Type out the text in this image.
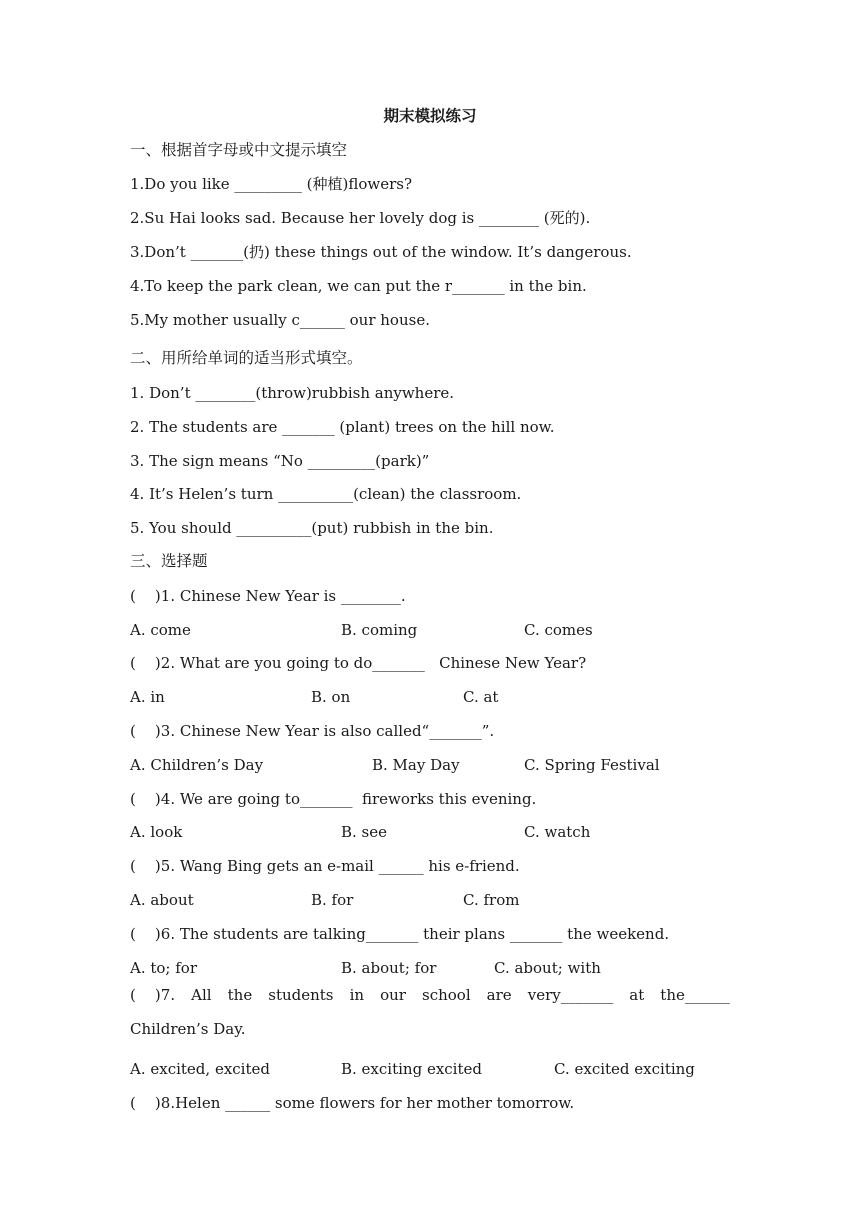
期末模拟练习
一、根据首字母或中文提示填空
1.Do you like _________ (种植)flowers?
2.Su Hai looks sad. Because her lovely dog is ________ (死的).
3.Don’t _______(扔) these things out of the window. It’s dangerous.
4.To keep the park clean, we can put the r_______ in the bin.
5.My mother usually c______ our house.
二、用所给单词的适当形式填空。
1. Don’t ________(throw)rubbish anywhere.
2. The students are _______ (plant) trees on the hill now.
3. The sign means “No _________(park)”
4. It’s Helen’s turn __________(clean) the classroom.
5. You should __________(put) rubbish in the bin.
三、选择题
(    )1. Chinese New Year is ________.
A. come	B. coming	C. comes
(    )2. What are you going to do_______   Chinese New Year?
A. in	B. on	C. at
(    )3. Chinese New Year is also called“_______”.
A. Children’s Day	B. May Day	C. Spring Festival
(    )4. We are going to_______  fireworks this evening.
A. look	B. see	C. watch
(    )5. Wang Bing gets an e-mail ______ his e-friend.
A. about	B. for	C. from
(    )6. The students are talking_______ their plans _______ the weekend.
A. to; for	B. about; for	C. about; with
(    )7. All the students in our school are very_______ at the______
Children’s Day.
A. excited, excited	B. exciting excited	C. excited exciting
(    )8.Helen ______ some flowers for her mother tomorrow.
